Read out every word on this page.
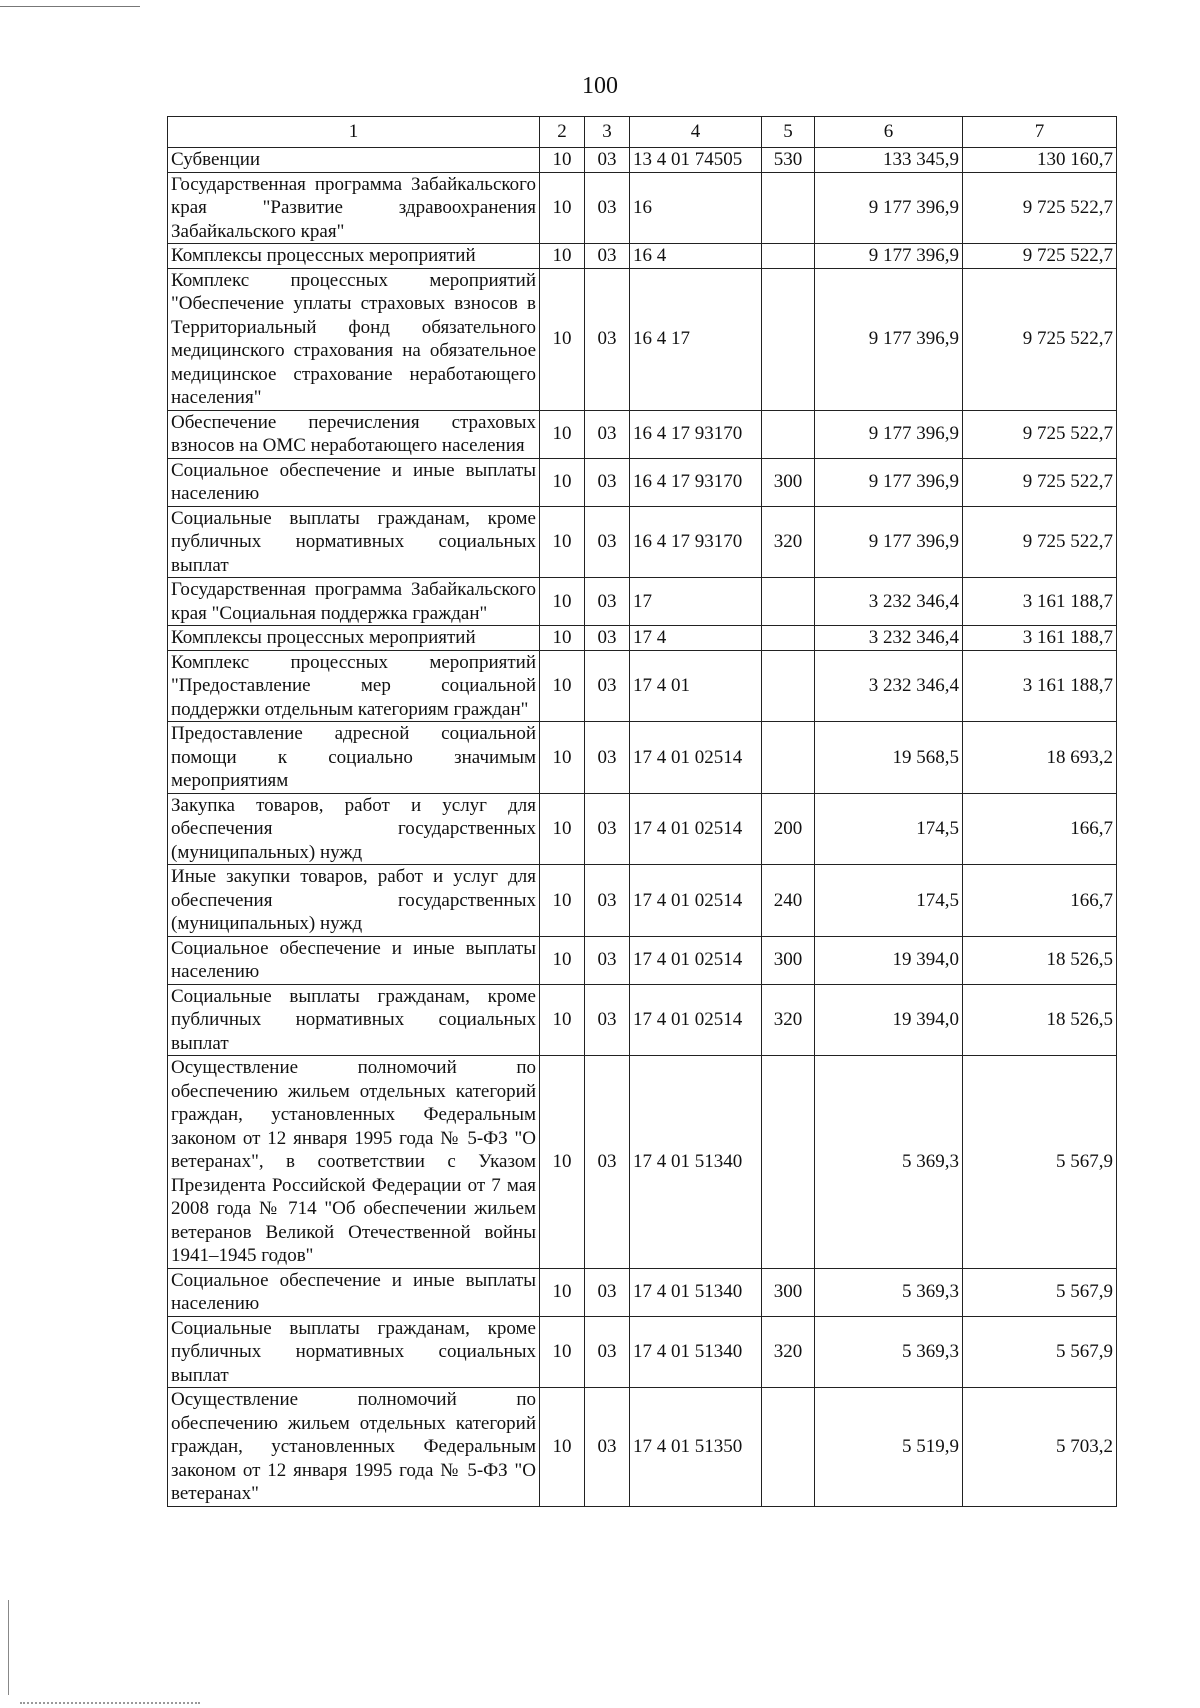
100
1	2	3	4	5	6	7
Субвенции	10	03	13 4 01 74505	530	133 345,9	130 160,7
Государственная программа Забайкальского края "Развитие здравоохранения Забайкальского края"	10	03	16		9 177 396,9	9 725 522,7
Комплексы процессных мероприятий	10	03	16 4		9 177 396,9	9 725 522,7
Комплекс процессных мероприятий "Обеспечение уплаты страховых взносов в Территориальный фонд обязательного медицинского страхования на обязательное медицинское страхование неработающего населения"	10	03	16 4 17		9 177 396,9	9 725 522,7
Обеспечение перечисления страховых взносов на ОМС неработающего населения	10	03	16 4 17 93170		9 177 396,9	9 725 522,7
Социальное обеспечение и иные выплаты населению	10	03	16 4 17 93170	300	9 177 396,9	9 725 522,7
Социальные выплаты гражданам, кроме публичных нормативных социальных выплат	10	03	16 4 17 93170	320	9 177 396,9	9 725 522,7
Государственная программа Забайкальского края "Социальная поддержка граждан"	10	03	17		3 232 346,4	3 161 188,7
Комплексы процессных мероприятий	10	03	17 4		3 232 346,4	3 161 188,7
Комплекс процессных мероприятий "Предоставление мер социальной поддержки отдельным категориям граждан"	10	03	17 4 01		3 232 346,4	3 161 188,7
Предоставление адресной социальной помощи к социально значимым мероприятиям	10	03	17 4 01 02514		19 568,5	18 693,2
Закупка товаров, работ и услуг для обеспечения государственных (муниципальных) нужд	10	03	17 4 01 02514	200	174,5	166,7
Иные закупки товаров, работ и услуг для обеспечения государственных (муниципальных) нужд	10	03	17 4 01 02514	240	174,5	166,7
Социальное обеспечение и иные выплаты населению	10	03	17 4 01 02514	300	19 394,0	18 526,5
Социальные выплаты гражданам, кроме публичных нормативных социальных выплат	10	03	17 4 01 02514	320	19 394,0	18 526,5
Осуществление полномочий по обеспечению жильем отдельных категорий граждан, установленных Федеральным законом от 12 января 1995 года № 5-ФЗ "О ветеранах", в соответствии с Указом Президента Российской Федерации от 7 мая 2008 года № 714 "Об обеспечении жильем ветеранов Великой Отечественной войны 1941–1945 годов"	10	03	17 4 01 51340		5 369,3	5 567,9
Социальное обеспечение и иные выплаты населению	10	03	17 4 01 51340	300	5 369,3	5 567,9
Социальные выплаты гражданам, кроме публичных нормативных социальных выплат	10	03	17 4 01 51340	320	5 369,3	5 567,9
Осуществление полномочий по обеспечению жильем отдельных категорий граждан, установленных Федеральным законом от 12 января 1995 года № 5-ФЗ "О ветеранах"	10	03	17 4 01 51350		5 519,9	5 703,2
